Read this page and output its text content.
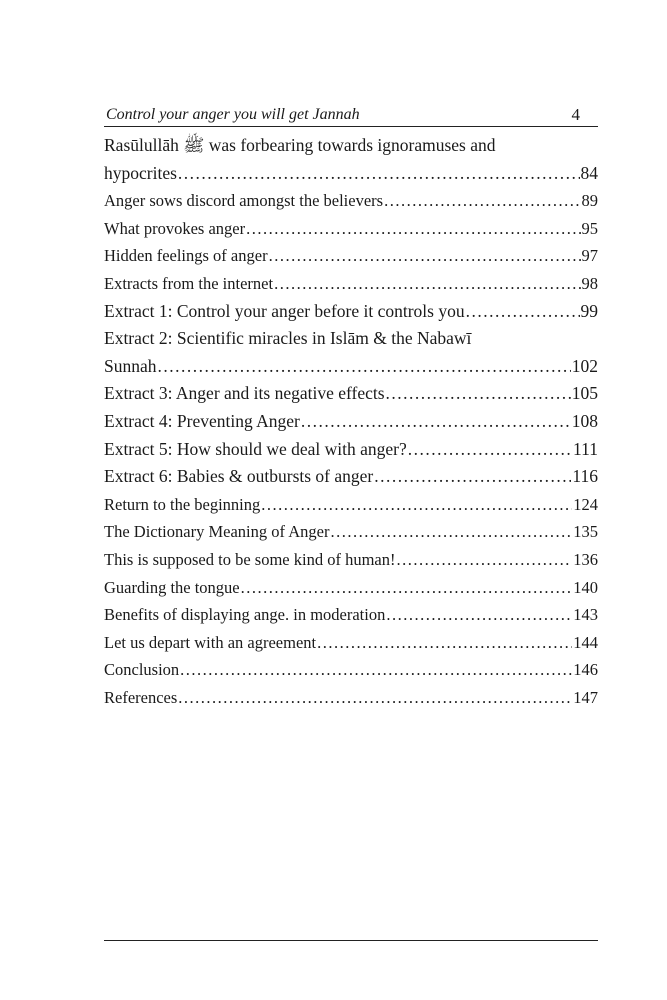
Control your anger you will get Jannah	4
Rasūlullāh ﷺ was forbearing towards ignoramuses and
hypocrites .....	84
Anger sows discord amongst the believers .....	89
What provokes anger .....	95
Hidden feelings of anger .....	97
Extracts from the internet .....	98
Extract 1: Control your anger before it controls you .....	99
Extract 2: Scientific miracles in Islām & the Nabawī
Sunnah .....	102
Extract 3: Anger and its negative effects .....	105
Extract 4: Preventing Anger .....	108
Extract 5: How should we deal with anger? .....	111
Extract 6: Babies & outbursts of anger .....	116
Return to the beginning .....	124
The Dictionary Meaning of Anger .....	135
This is supposed to be some kind of human! .....	136
Guarding the tongue .....	140
Benefits of displaying ange. in moderation .....	143
Let us depart with an agreement .....	144
Conclusion .....	146
References .....	147
